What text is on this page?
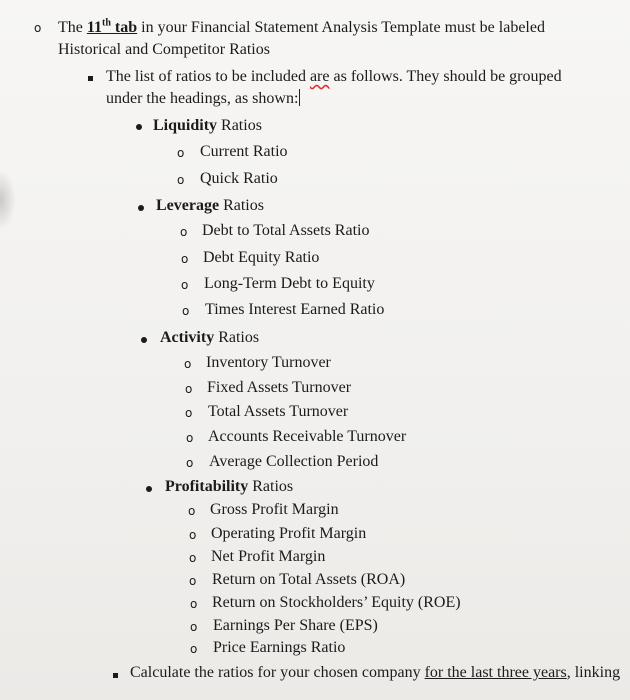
o The 11th tab in your Financial Statement Analysis Template must be labeled
Historical and Competitor Ratios
The list of ratios to be included are as follows. They should be grouped
under the headings, as shown:
Liquidity Ratios
o Current Ratio
o Quick Ratio
Leverage Ratios
o Debt to Total Assets Ratio
o Debt Equity Ratio
o Long-Term Debt to Equity
o Times Interest Earned Ratio
Activity Ratios
o Inventory Turnover
o Fixed Assets Turnover
o Total Assets Turnover
o Accounts Receivable Turnover
o Average Collection Period
Profitability Ratios
o Gross Profit Margin
o Operating Profit Margin
o Net Profit Margin
o Return on Total Assets (ROA)
o Return on Stockholders’ Equity (ROE)
o Earnings Per Share (EPS)
o Price Earnings Ratio
Calculate the ratios for your chosen company for the last three years, linking
